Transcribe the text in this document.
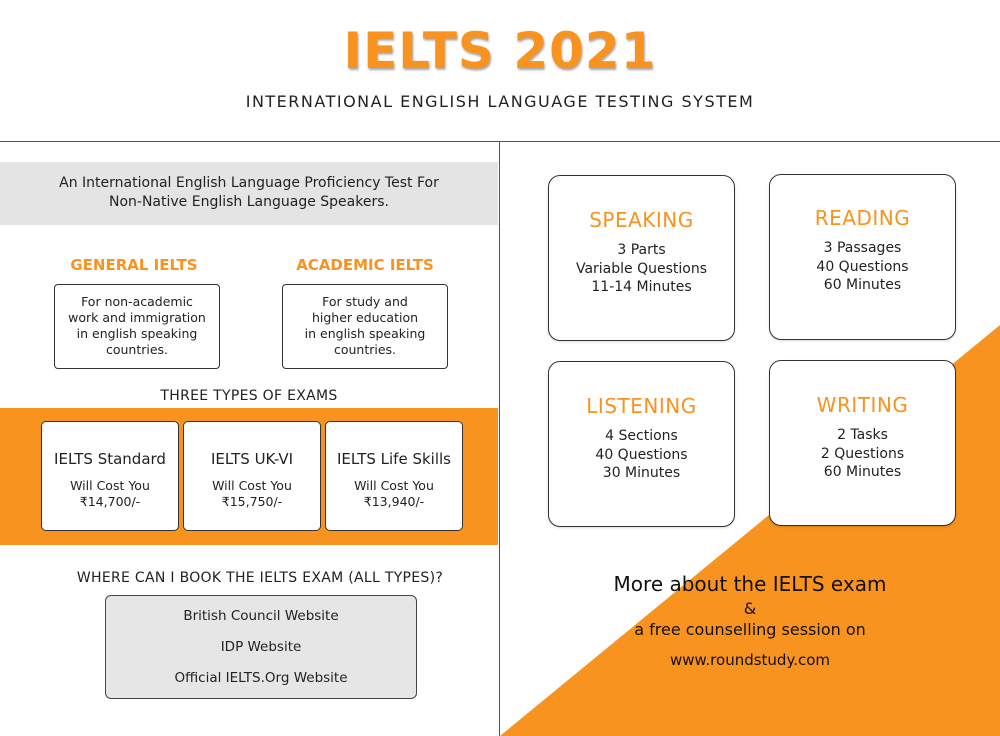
IELTS 2021
INTERNATIONAL ENGLISH LANGUAGE TESTING SYSTEM
An International English Language Proficiency Test For
Non-Native English Language Speakers.
GENERAL IELTS
For non-academic
work and immigration
in english speaking
countries.
ACADEMIC IELTS
For study and
higher education
in english speaking
countries.
THREE TYPES OF EXAMS
IELTS Standard
Will Cost You
₹14,700/-
IELTS UK-VI
Will Cost You
₹15,750/-
IELTS Life Skills
Will Cost You
₹13,940/-
WHERE CAN I BOOK THE IELTS EXAM (ALL TYPES)?
British Council Website
IDP Website
Official IELTS.Org Website
SPEAKING
3 Parts
Variable Questions
11-14 Minutes
READING
3 Passages
40 Questions
60 Minutes
LISTENING
4 Sections
40 Questions
30 Minutes
WRITING
2 Tasks
2 Questions
60 Minutes
More about the IELTS exam
&
a free counselling session on
www.roundstudy.com
